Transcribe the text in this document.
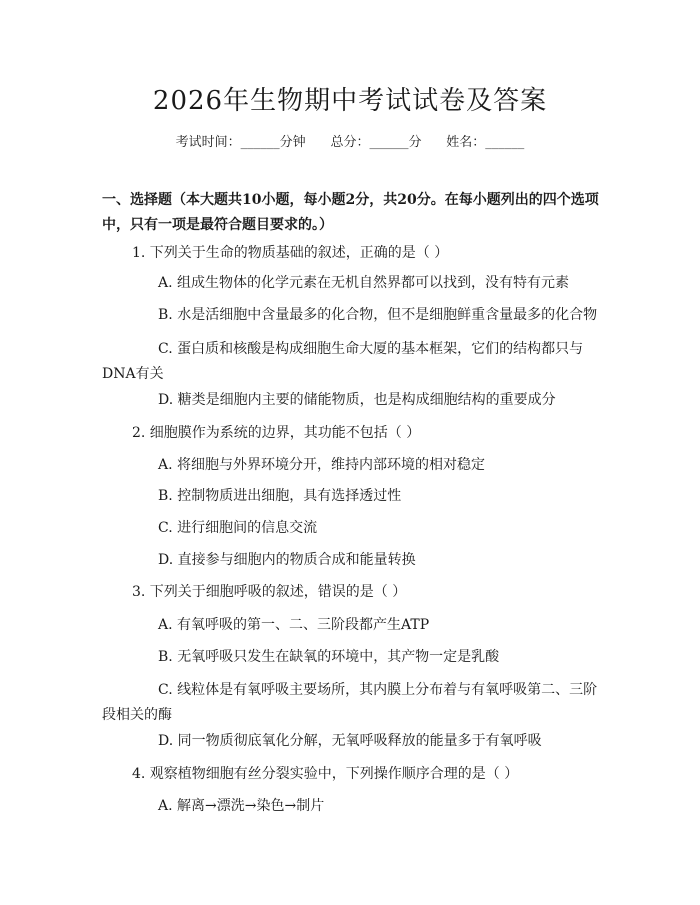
2026年生物期中考试试卷及答案
考试时间：______分钟 总分：______分 姓名：______
一、选择题（本大题共10小题，每小题2分，共20分。在每小题列出的四个选项中，只有一项是最符合题目要求的。）
1. 下列关于生命的物质基础的叙述，正确的是（ ）
A. 组成生物体的化学元素在无机自然界都可以找到，没有特有元素
B. 水是活细胞中含量最多的化合物，但不是细胞鲜重含量最多的化合物
C. 蛋白质和核酸是构成细胞生命大厦的基本框架，它们的结构都只与DNA有关
D. 糖类是细胞内主要的储能物质，也是构成细胞结构的重要成分
2. 细胞膜作为系统的边界，其功能不包括（ ）
A. 将细胞与外界环境分开，维持内部环境的相对稳定
B. 控制物质进出细胞，具有选择透过性
C. 进行细胞间的信息交流
D. 直接参与细胞内的物质合成和能量转换
3. 下列关于细胞呼吸的叙述，错误的是（ ）
A. 有氧呼吸的第一、二、三阶段都产生ATP
B. 无氧呼吸只发生在缺氧的环境中，其产物一定是乳酸
C. 线粒体是有氧呼吸主要场所，其内膜上分布着与有氧呼吸第二、三阶段相关的酶
D. 同一物质彻底氧化分解，无氧呼吸释放的能量多于有氧呼吸
4. 观察植物细胞有丝分裂实验中，下列操作顺序合理的是（ ）
A. 解离→漂洗→染色→制片
